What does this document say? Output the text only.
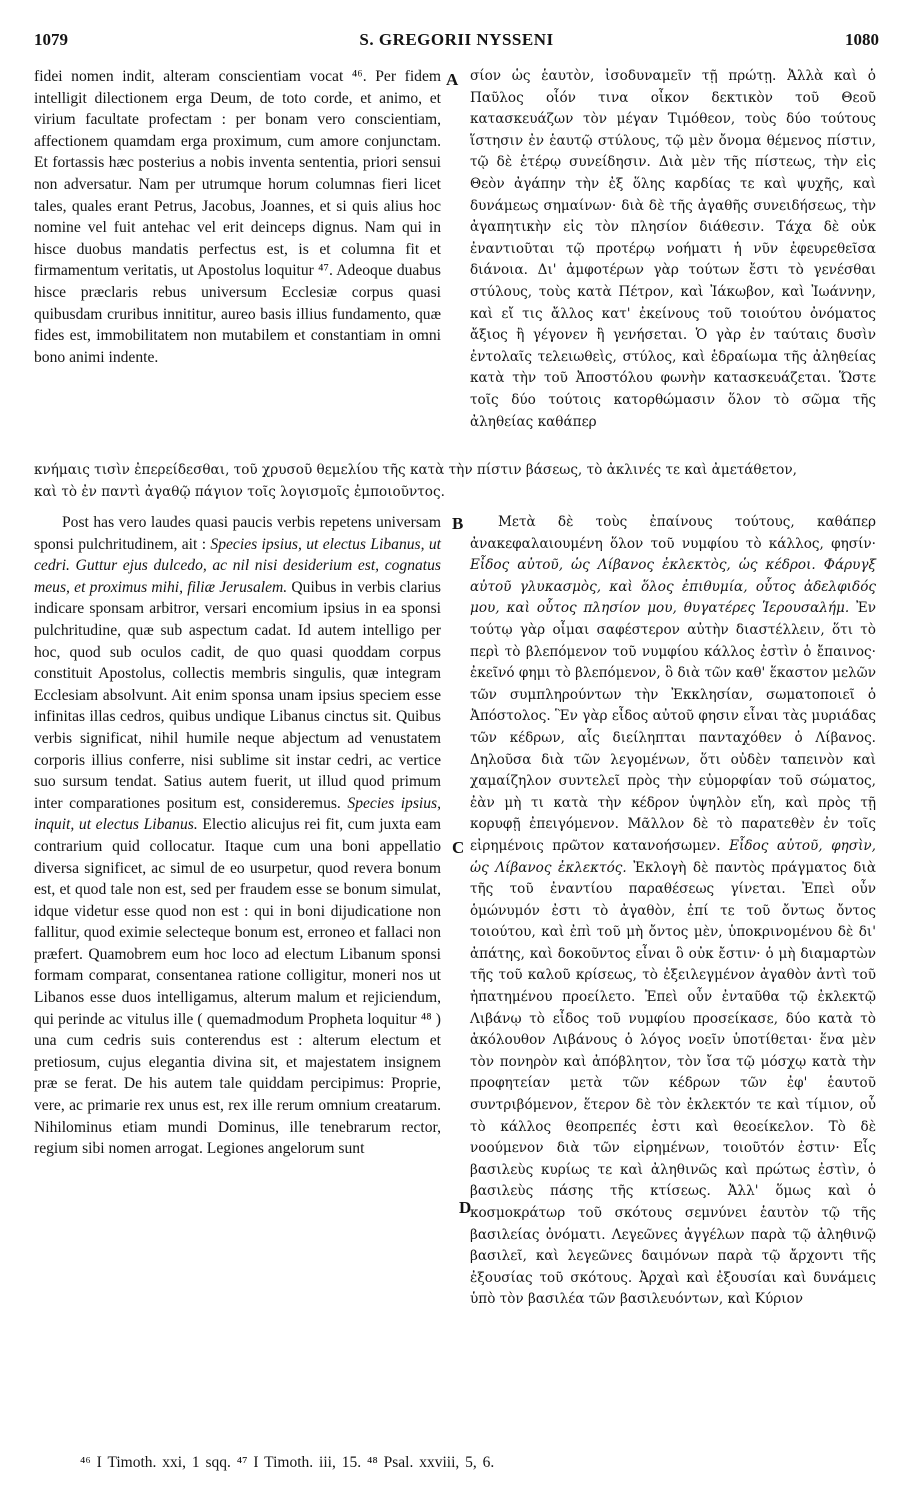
1079	S. GREGORII NYSSENI	1080
A

fidei nomen indit, alteram conscientiam vocat ⁴⁶. Per fidem intelligit dilectionem erga Deum, de toto corde, et animo, et virium facultate profectam : per bonam vero conscientiam, affectionem quamdam erga proximum, cum amore conjunctam. Et fortassis hæc posterius a nobis inventa sententia, priori sensui non adversatur. Nam per utrumque horum columnas fieri licet tales, quales erant Petrus, Jacobus, Joannes, et si quis alius hoc nomine vel fuit antehac vel erit deinceps dignus. Nam qui in hisce duobus mandatis perfectus est, is et columna fit et firmamentum veritatis, ut Apostolus loquitur ⁴⁷. Adeoque duabus hisce præclaris rebus universum Ecclesiæ corpus quasi quibusdam cruribus innititur, aureo basis illius fundamento, quæ fides est, immobilitatem non mutabilem et constantiam in omni bono animi indente.

σίον ὡς ἑαυτὸν, ἰσοδυναμεῖν τῇ πρώτῃ. Ἀλλὰ καὶ ὁ Παῦλος οἷόν τινα οἶκον δεκτικὸν τοῦ Θεοῦ κατασκευάζων τὸν μέγαν Τιμόθεον, τοὺς δύο τούτους ἵστησιν ἐν ἑαυτῷ στύλους, τῷ μὲν ὄνομα θέμενος πίστιν, τῷ δὲ ἑτέρῳ συνείδησιν. Διὰ μὲν τῆς πίστεως, τὴν εἰς Θεὸν ἀγάπην τὴν ἐξ ὅλης καρδίας τε καὶ ψυχῆς, καὶ δυνάμεως σημαίνων· διὰ δὲ τῆς ἀγαθῆς συνειδήσεως, τὴν ἀγαπητικὴν εἰς τὸν πλησίον διάθεσιν. Τάχα δὲ οὐκ ἐναντιοῦται τῷ προτέρῳ νοήματι ἡ νῦν ἐφευρεθεῖσα διάνοια. Δι' ἀμφοτέρων γὰρ τούτων ἔστι τὸ γενέσθαι στύλους, τοὺς κατὰ Πέτρον, καὶ Ἰάκωβον, καὶ Ἰωάννην, καὶ εἴ τις ἄλλος κατ' ἐκείνους τοῦ τοιούτου ὀνόματος ἄξιος ἢ γέγονεν ἢ γενήσεται. Ὁ γὰρ ἐν ταύταις δυσὶν ἐντολαῖς τελειωθεὶς, στύλος, καὶ ἑδραίωμα τῆς ἀληθείας κατὰ τὴν τοῦ Ἀποστόλου φωνὴν κατασκευάζεται. Ὥστε τοῖς δύο τούτοις κατορθώμασιν ὅλον τὸ σῶμα τῆς ἀληθείας καθάπερ

κνήμαις τισὶν ἐπερείδεσθαι, τοῦ χρυσοῦ θεμελίου τῆς κατὰ τὴν πίστιν βάσεως, τὸ ἀκλινές τε καὶ ἀμετάθετον,
καὶ τὸ ἐν παντὶ ἀγαθῷ πάγιον τοῖς λογισμοῖς ἐμποιοῦντος.
B
C
D

Post has vero laudes quasi paucis verbis repetens universam sponsi pulchritudinem, ait : Species ipsius, ut electus Libanus, ut cedri. Guttur ejus dulcedo, ac nil nisi desiderium est, cognatus meus, et proximus mihi, filiæ Jerusalem. Quibus in verbis clarius indicare sponsam arbitror, versari encomium ipsius in ea sponsi pulchritudine, quæ sub aspectum cadat. Id autem intelligo per hoc, quod sub oculos cadit, de quo quasi quoddam corpus constituit Apostolus, collectis membris singulis, quæ integram Ecclesiam absolvunt. Ait enim sponsa unam ipsius speciem esse infinitas illas cedros, quibus undique Libanus cinctus sit. Quibus verbis significat, nihil humile neque abjectum ad venustatem corporis illius conferre, nisi sublime sit instar cedri, ac vertice suo sursum tendat. Satius autem fuerit, ut illud quod primum inter comparationes positum est, consideremus. Species ipsius, inquit, ut electus Libanus. Electio alicujus rei fit, cum juxta eam contrarium quid collocatur. Itaque cum una boni appellatio diversa significet, ac simul de eo usurpetur, quod revera bonum est, et quod tale non est, sed per fraudem esse se bonum simulat, idque videtur esse quod non est : qui in boni dijudicatione non fallitur, quod eximie selecteque bonum est, erroneo et fallaci non præfert. Quamobrem eum hoc loco ad electum Libanum sponsi formam comparat, consentanea ratione colligitur, moneri nos ut Libanos esse duos intelligamus, alterum malum et rejiciendum, qui perinde ac vitulus ille ( quemadmodum Propheta loquitur ⁴⁸ ) una cum cedris suis conterendus est : alterum electum et pretiosum, cujus elegantia divina sit, et majestatem insignem præ se ferat. De his autem tale quiddam percipimus: Proprie, vere, ac primarie rex unus est, rex ille rerum omnium creatarum. Nihilominus etiam mundi Dominus, ille tenebrarum rector, regium sibi nomen arrogat. Legiones angelorum sunt

Μετὰ δὲ τοὺς ἐπαίνους τούτους, καθάπερ ἀνακεφαλαιουμένη ὅλον τοῦ νυμφίου τὸ κάλλος, φησίν· Εἶδος αὐτοῦ, ὡς Λίβανος ἐκλεκτὸς, ὡς κέδροι. Φάρυγξ αὐτοῦ γλυκασμὸς, καὶ ὅλος ἐπιθυμία, οὗτος ἀδελφιδός μου, καὶ οὗτος πλησίον μου, θυγατέρες Ἱερουσαλήμ. Ἐν τούτῳ γὰρ οἶμαι σαφέστερον αὐτὴν διαστέλλειν, ὅτι τὸ περὶ τὸ βλεπόμενον τοῦ νυμφίου κάλλος ἐστὶν ὁ ἔπαινος· ἐκεῖνό φημι τὸ βλεπόμενον, ὃ διὰ τῶν καθ' ἕκαστον μελῶν τῶν συμπληρούντων τὴν Ἐκκλησίαν, σωματοποιεῖ ὁ Ἀπόστολος. Ἓν γὰρ εἶδος αὐτοῦ φησιν εἶναι τὰς μυριάδας τῶν κέδρων, αἷς διείληπται πανταχόθεν ὁ Λίβανος. Δηλοῦσα διὰ τῶν λεγομένων, ὅτι οὐδὲν ταπεινὸν καὶ χαμαίζηλον συντελεῖ πρὸς τὴν εὐμορφίαν τοῦ σώματος, ἐὰν μὴ τι κατὰ τὴν κέδρον ὑψηλὸν εἴη, καὶ πρὸς τῇ κορυφῇ ἐπειγόμενον. Μᾶλλον δὲ τὸ παρατεθὲν ἐν τοῖς εἰρημένοις πρῶτον κατανοήσωμεν. Εἶδος αὐτοῦ, φησὶν, ὡς Λίβανος ἐκλεκτός. Ἐκλογὴ δὲ παντὸς πράγματος διὰ τῆς τοῦ ἐναντίου παραθέσεως γίνεται. Ἐπεὶ οὖν ὁμώνυμόν ἐστι τὸ ἀγαθὸν, ἐπί τε τοῦ ὄντως ὄντος τοιούτου, καὶ ἐπὶ τοῦ μὴ ὄντος μὲν, ὑποκρινομένου δὲ δι' ἀπάτης, καὶ δοκοῦντος εἶναι ὃ οὐκ ἔστιν· ὁ μὴ διαμαρτὼν τῆς τοῦ καλοῦ κρίσεως, τὸ ἐξειλεγμένον ἀγαθὸν ἀντὶ τοῦ ἠπατημένου προείλετο. Ἐπεὶ οὖν ἐνταῦθα τῷ ἐκλεκτῷ Λιβάνῳ τὸ εἶδος τοῦ νυμφίου προσείκασε, δύο κατὰ τὸ ἀκόλουθον Λιβάνους ὁ λόγος νοεῖν ὑποτίθεται· ἕνα μὲν τὸν πονηρὸν καὶ ἀπόβλητον, τὸν ἴσα τῷ μόσχῳ κατὰ τὴν προφητείαν μετὰ τῶν κέδρων τῶν ἐφ' ἑαυτοῦ συντριβόμενον, ἕτερον δὲ τὸν ἐκλεκτόν τε καὶ τίμιον, οὗ τὸ κάλλος θεοπρεπές ἐστι καὶ θεοείκελον. Τὸ δὲ νοούμενον διὰ τῶν εἰρημένων, τοιοῦτόν ἐστιν· Εἷς βασιλεὺς κυρίως τε καὶ ἀληθινῶς καὶ πρώτως ἐστὶν, ὁ βασιλεὺς πάσης τῆς κτίσεως. Ἀλλ' ὅμως καὶ ὁ κοσμοκράτωρ τοῦ σκότους σεμνύνει ἑαυτὸν τῷ τῆς βασιλείας ὀνόματι. Λεγεῶνες ἀγγέλων παρὰ τῷ ἀληθινῷ βασιλεῖ, καὶ λεγεῶνες δαιμόνων παρὰ τῷ ἄρχοντι τῆς ἐξουσίας τοῦ σκότους. Ἀρχαὶ καὶ ἐξουσίαι καὶ δυνάμεις ὑπὸ τὸν βασιλέα τῶν βασιλευόντων, καὶ Κύριον

⁴⁶ I Timoth. xxi, 1 sqq. ⁴⁷ I Timoth. iii, 15. ⁴⁸ Psal. xxviii, 5, 6.
